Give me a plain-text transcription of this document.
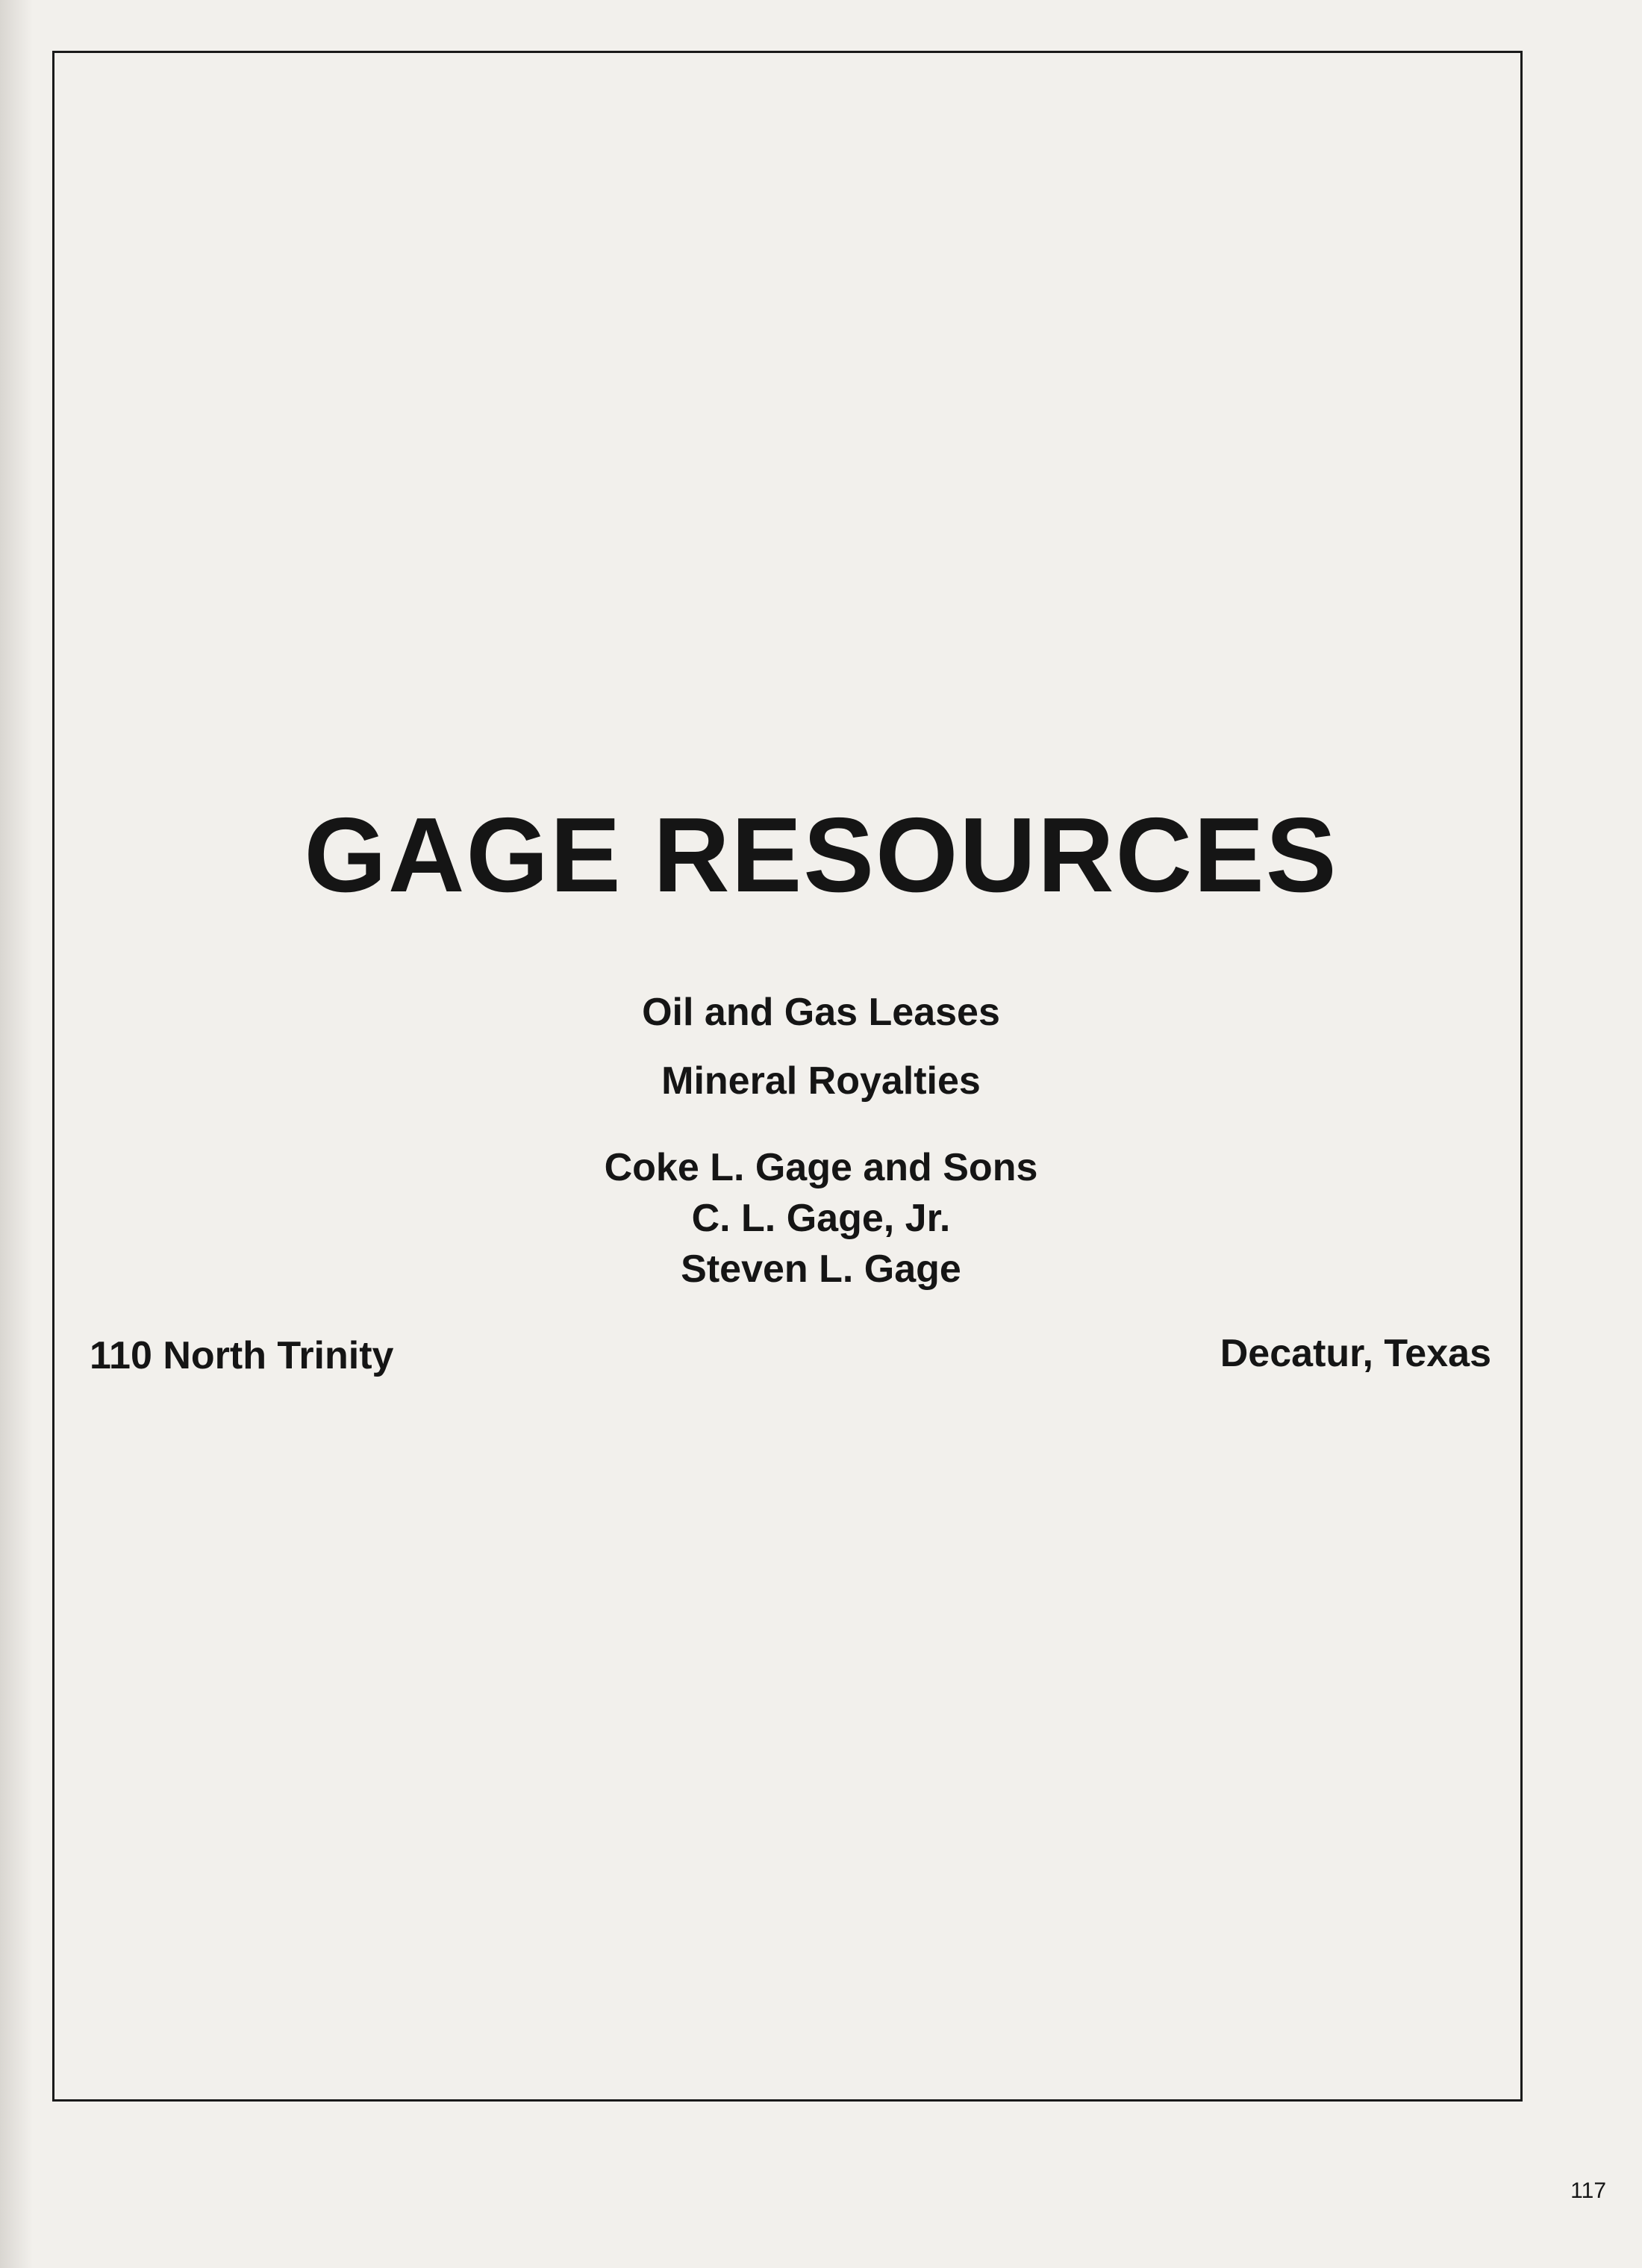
GAGE RESOURCES

Oil and Gas Leases

Mineral Royalties

Coke L. Gage and Sons

C. L. Gage, Jr.

Steven L. Gage

110 North Trinity	Decatur, Texas
117
